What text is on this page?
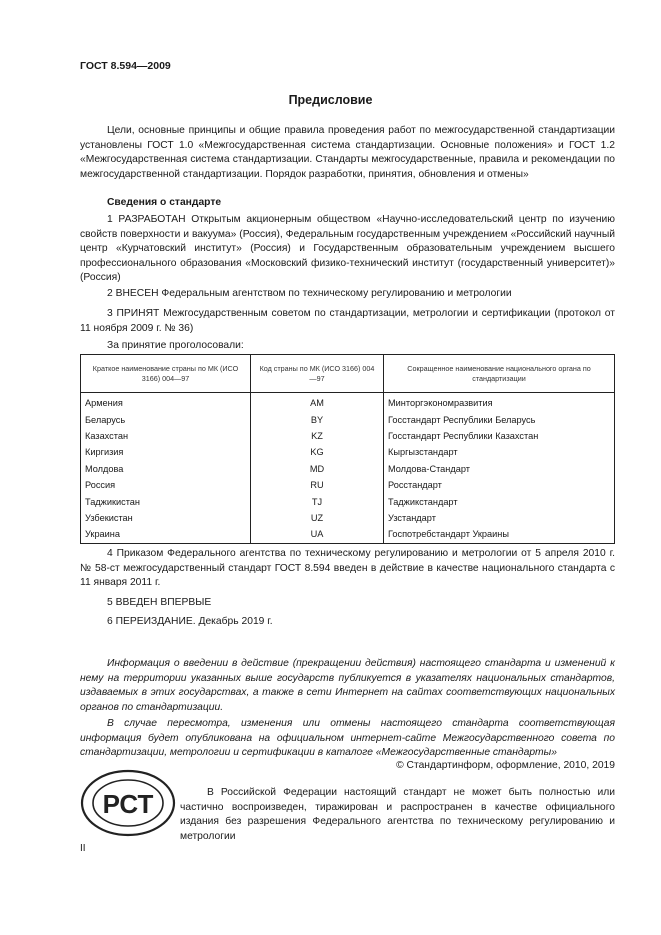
ГОСТ 8.594—2009
Предисловие
Цели, основные принципы и общие правила проведения работ по межгосударственной стандартизации установлены ГОСТ 1.0 «Межгосударственная система стандартизации. Основные положения» и ГОСТ 1.2 «Межгосударственная система стандартизации. Стандарты межгосударственные, правила и рекомендации по межгосударственной стандартизации. Порядок разработки, принятия, обновления и отмены»
Сведения о стандарте
1 РАЗРАБОТАН Открытым акционерным обществом «Научно-исследовательский центр по изучению свойств поверхности и вакуума» (Россия), Федеральным государственным учреждением «Российский научный центр «Курчатовский институт» (Россия) и Государственным образовательным учреждением высшего профессионального образования «Московский физико-технический институт (государственный университет)» (Россия)
2 ВНЕСЕН Федеральным агентством по техническому регулированию и метрологии
3 ПРИНЯТ Межгосударственным советом по стандартизации, метрологии и сертификации (протокол от 11 ноября 2009 г. № 36)
За принятие проголосовали:
Краткое наименование страны по МК (ИСО 3166) 004—97	Код страны по МК (ИСО 3166) 004—97	Сокращенное наименование национального органа по стандартизации
Армения	AM	Минторгэкономразвития
Беларусь	BY	Госстандарт Республики Беларусь
Казахстан	KZ	Госстандарт Республики Казахстан
Киргизия	KG	Кыргызстандарт
Молдова	MD	Молдова-Стандарт
Россия	RU	Росстандарт
Таджикистан	TJ	Таджикстандарт
Узбекистан	UZ	Узстандарт
Украина	UA	Госпотребстандарт Украины
4 Приказом Федерального агентства по техническому регулированию и метрологии от 5 апреля 2010 г. № 58-ст межгосударственный стандарт ГОСТ 8.594 введен в действие в качестве национального стандарта с 11 января 2011 г.
5 ВВЕДЕН ВПЕРВЫЕ
6 ПЕРЕИЗДАНИЕ. Декабрь 2019 г.
Информация о введении в действие (прекращении действия) настоящего стандарта и изменений к нему на территории указанных выше государств публикуется в указателях национальных стандартов, издаваемых в этих государствах, а также в сети Интернет на сайтах соответствующих национальных органов по стандартизации.
В случае пересмотра, изменения или отмены настоящего стандарта соответствующая информация будет опубликована на официальном интернет-сайте Межгосударственного совета по стандартизации, метрологии и сертификации в каталоге «Межгосударственные стандарты»
© Стандартинформ, оформление, 2010, 2019
РСТ	В Российской Федерации настоящий стандарт не может быть полностью или частично воспроизведен, тиражирован и распространен в качестве официального издания без разрешения Федерального агентства по техническому регулированию и метрологии
II
